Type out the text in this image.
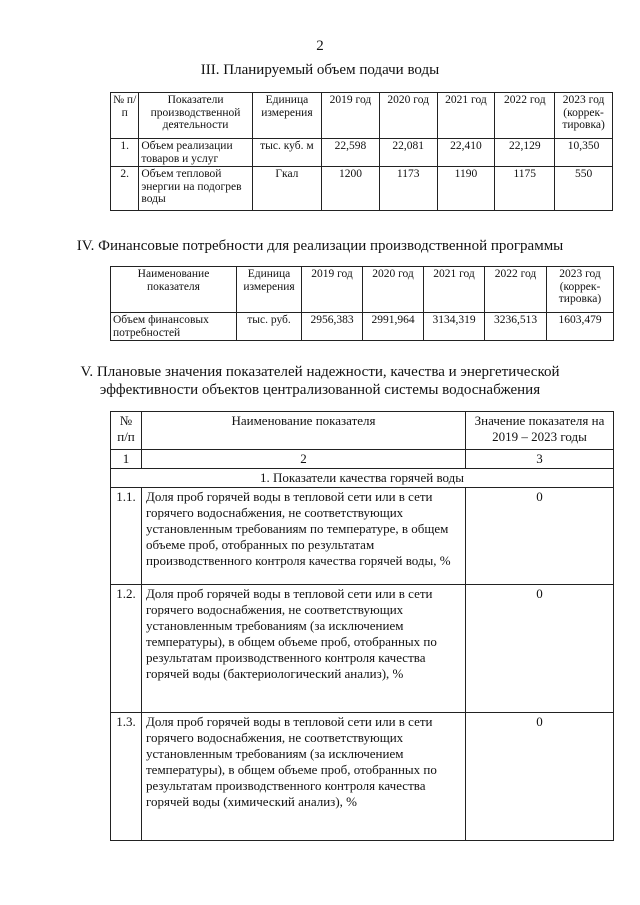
2
III. Планируемый объем подачи воды
№ п/п	Показатели производственной деятельности	Единица измерения	2019 год	2020 год	2021 год	2022 год	2023 год (коррек-тировка)
1.	Объем реализации товаров и услуг	тыс. куб. м	22,598	22,081	22,410	22,129	10,350
2.	Объем тепловой энергии на подогрев воды	Гкал	1200	1173	1190	1175	550
IV. Финансовые потребности для реализации производственной программы
Наименование показателя	Единица измерения	2019 год	2020 год	2021 год	2022 год	2023 год (коррек-тировка)
Объем финансовых потребностей	тыс. руб.	2956,383	2991,964	3134,319	3236,513	1603,479
V. Плановые значения показателей надежности, качества и энергетической
эффективности объектов централизованной системы водоснабжения
№ п/п	Наименование показателя	Значение показателя на 2019 – 2023 годы
1	2	3
1. Показатели качества горячей воды		
1.1.	Доля проб горячей воды в тепловой сети или в сети горячего водоснабжения, не соответствующих установленным требованиям по температуре, в общем объеме проб, отобранных по результатам производственного контроля качества горячей воды, %	0
1.2.	Доля проб горячей воды в тепловой сети или в сети горячего водоснабжения, не соответствующих установленным требованиям (за исключением температуры), в общем объеме проб, отобранных по результатам производственного контроля качества горячей воды (бактериологический анализ), %	0
1.3.	Доля проб горячей воды в тепловой сети или в сети горячего водоснабжения, не соответствующих установленным требованиям (за исключением температуры), в общем объеме проб, отобранных по результатам производственного контроля качества горячей воды (химический анализ), %	0
